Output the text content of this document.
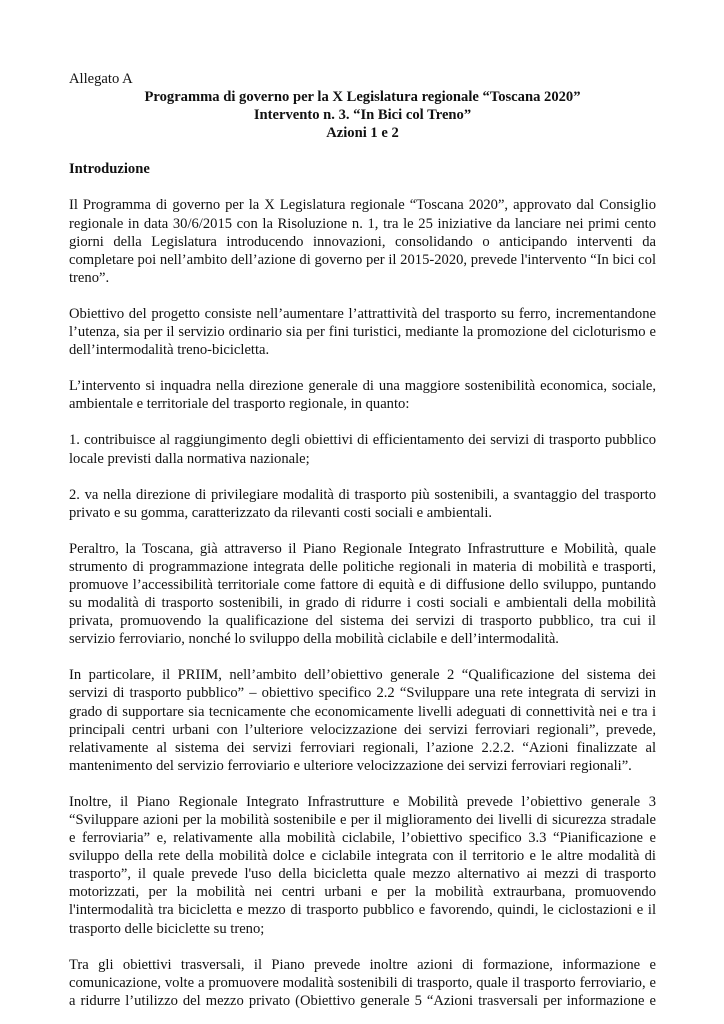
Allegato A
Programma di governo per la X Legislatura regionale “Toscana 2020”
Intervento n. 3. “In Bici col Treno”
Azioni 1 e 2
Introduzione

Il Programma di governo per la X Legislatura regionale “Toscana 2020”, approvato dal Consiglio regionale in data 30/6/2015 con la Risoluzione n. 1, tra le 25 iniziative da lanciare nei primi cento giorni della Legislatura introducendo innovazioni, consolidando o anticipando interventi da completare poi nell’ambito dell’azione di governo per il 2015-2020, prevede l'intervento “In bici col treno”.

Obiettivo del progetto consiste nell’aumentare l’attrattività del trasporto su ferro, incrementandone l’utenza, sia per il servizio ordinario sia per fini turistici, mediante la promozione del cicloturismo e dell’intermodalità treno-bicicletta.

L’intervento si inquadra nella direzione generale di una maggiore sostenibilità economica, sociale, ambientale e territoriale del trasporto regionale, in quanto:

1. contribuisce al raggiungimento degli obiettivi di efficientamento dei servizi di trasporto pubblico locale previsti dalla normativa nazionale;

2. va nella direzione di privilegiare modalità di trasporto più sostenibili, a svantaggio del trasporto privato e su gomma, caratterizzato da rilevanti costi sociali e ambientali.

Peraltro, la Toscana, già attraverso il Piano Regionale Integrato Infrastrutture e Mobilità, quale strumento di programmazione integrata delle politiche regionali in materia di mobilità e trasporti, promuove l’accessibilità territoriale come fattore di equità e di diffusione dello sviluppo, puntando su modalità di trasporto sostenibili, in grado di ridurre i costi sociali e ambientali della mobilità privata, promuovendo la qualificazione del sistema dei servizi di trasporto pubblico, tra cui il servizio ferroviario, nonché lo sviluppo della mobilità ciclabile e dell’intermodalità.

In particolare, il PRIIM, nell’ambito dell’obiettivo generale 2 “Qualificazione del sistema dei servizi di trasporto pubblico” – obiettivo specifico 2.2 “Sviluppare una rete integrata di servizi in grado di supportare sia tecnicamente che economicamente livelli adeguati di connettività nei e tra i principali centri urbani con l’ulteriore velocizzazione dei servizi ferroviari regionali”, prevede, relativamente al sistema dei servizi ferroviari regionali, l’azione 2.2.2. “Azioni finalizzate al mantenimento del servizio ferroviario e ulteriore velocizzazione dei servizi ferroviari regionali”.

Inoltre, il Piano Regionale Integrato Infrastrutture e Mobilità prevede l’obiettivo generale 3 “Sviluppare azioni per la mobilità sostenibile e per il miglioramento dei livelli di sicurezza stradale e ferroviaria” e, relativamente alla mobilità ciclabile, l’obiettivo specifico 3.3 “Pianificazione e sviluppo della rete della mobilità dolce e ciclabile integrata con il territorio e le altre modalità di trasporto”, il quale prevede l'uso della bicicletta quale mezzo alternativo ai mezzi di trasporto motorizzati, per la mobilità nei centri urbani e per la mobilità extraurbana, promuovendo l'intermodalità tra bicicletta e mezzo di trasporto pubblico e favorendo, quindi, le ciclostazioni e il trasporto delle biciclette su treno;

Tra gli obiettivi trasversali, il Piano prevede inoltre azioni di formazione, informazione e comunicazione, volte a promuovere modalità sostenibili di trasporto, quale il trasporto ferroviario, e a ridurre l’utilizzo del mezzo privato (Obiettivo generale 5 “Azioni trasversali per informazione e
